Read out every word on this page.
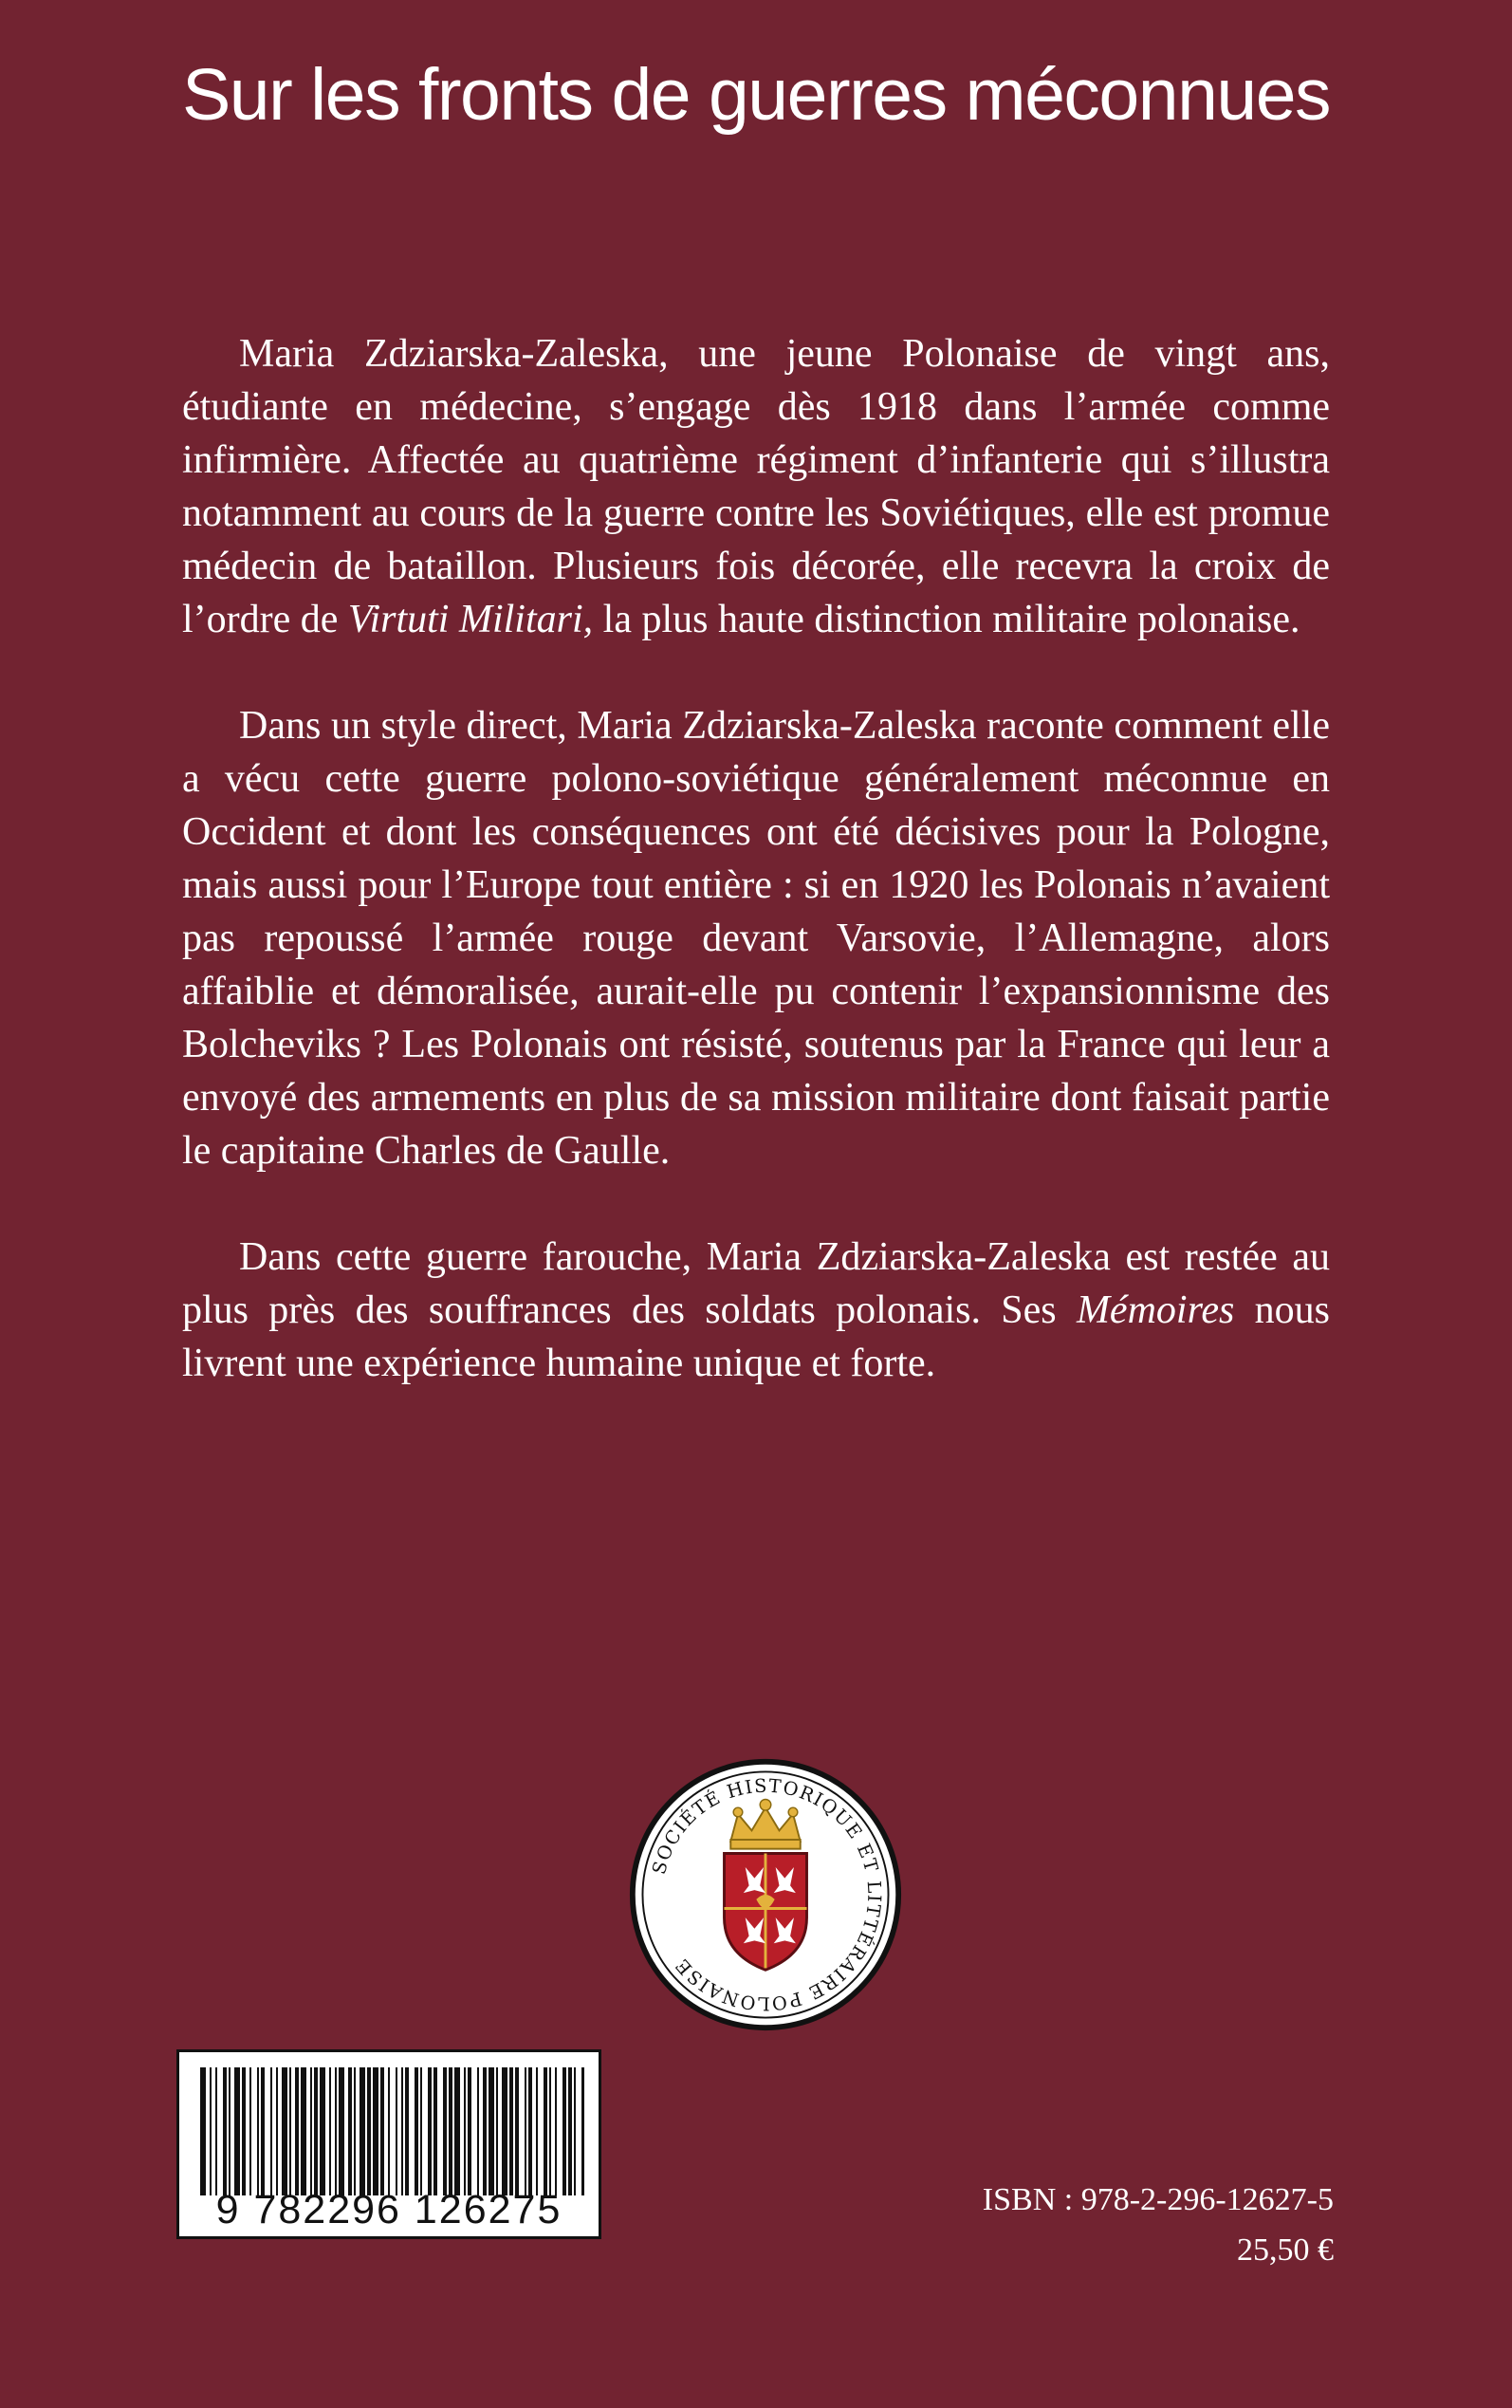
Sur les fronts de guerres méconnues

Maria Zdziarska-Zaleska, une jeune Polonaise de vingt ans, étudiante en médecine, s’engage dès 1918 dans l’armée comme infirmière. Affectée au quatrième régiment d’infanterie qui s’illustra notamment au cours de la guerre contre les Soviétiques, elle est promue médecin de bataillon. Plusieurs fois décorée, elle recevra la croix de l’ordre de Virtuti Militari, la plus haute distinction militaire polonaise.

Dans un style direct, Maria Zdziarska-Zaleska raconte comment elle a vécu cette guerre polono-soviétique généralement méconnue en Occident et dont les conséquences ont été décisives pour la Pologne, mais aussi pour l’Europe tout entière : si en 1920 les Polonais n’avaient pas repoussé l’armée rouge devant Varsovie, l’Allemagne, alors affaiblie et démoralisée, aurait-elle pu contenir l’expansionnisme des Bolcheviks ? Les Polonais ont résisté, soutenus par la France qui leur a envoyé des armements en plus de sa mission militaire dont faisait partie le capitaine Charles de Gaulle.

Dans cette guerre farouche, Maria Zdziarska-Zaleska est restée au plus près des souffrances des soldats polonais. Ses Mémoires nous livrent une expérience humaine unique et forte.

SOCIÉTÉ HISTORIQUE ET LITTÉRAIRE POLONAISE
9 782296 126275	ISBN : 978-2-296-12627-5
25,50 €
